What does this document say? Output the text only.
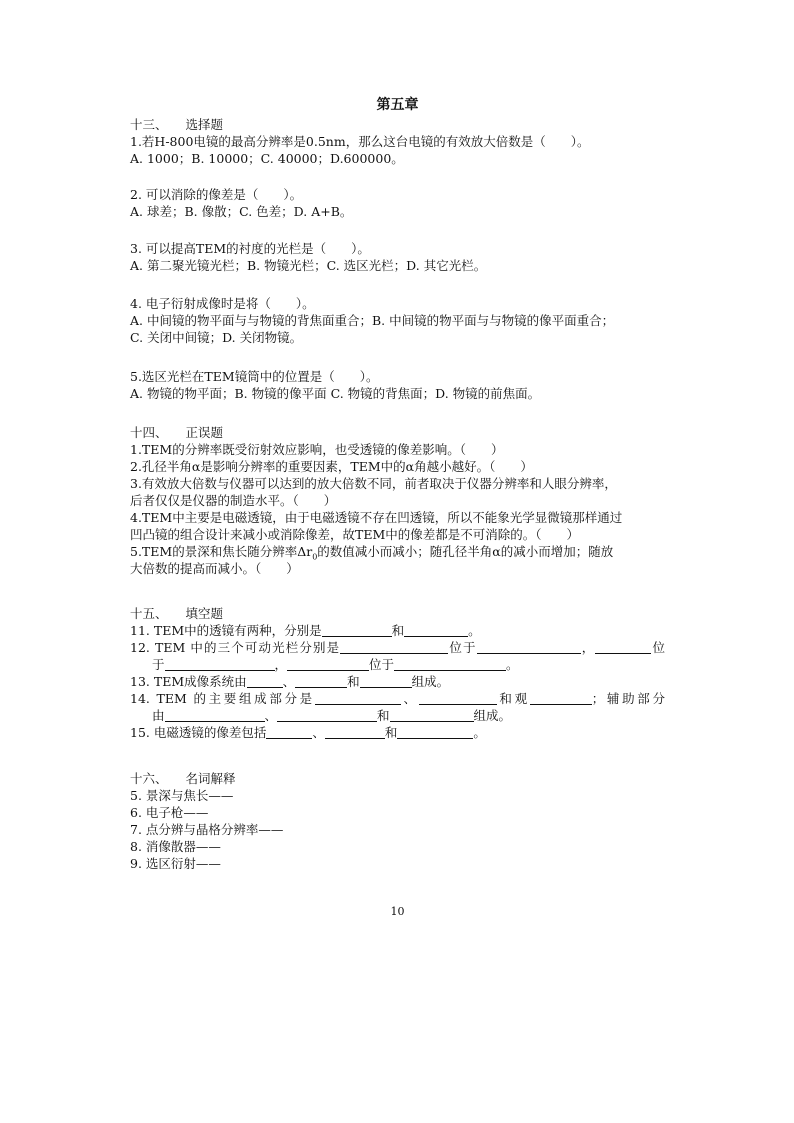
第五章
十三、 选择题
1.若H-800电镜的最高分辨率是0.5nm，那么这台电镜的有效放大倍数是（　　）。
A. 1000；B. 10000；C. 40000；D.600000。
2. 可以消除的像差是（　　）。
A. 球差；B. 像散；C. 色差；D. A+B。
3. 可以提高TEM的衬度的光栏是（　　）。
A. 第二聚光镜光栏；B. 物镜光栏；C. 选区光栏；D. 其它光栏。
4. 电子衍射成像时是将（　　）。
A. 中间镜的物平面与与物镜的背焦面重合；B. 中间镜的物平面与与物镜的像平面重合；
C. 关闭中间镜；D. 关闭物镜。
5.选区光栏在TEM镜筒中的位置是（　　）。
A. 物镜的物平面；B. 物镜的像平面 C. 物镜的背焦面；D. 物镜的前焦面。
十四、 正误题
1.TEM的分辨率既受衍射效应影响，也受透镜的像差影响。（　　）
2.孔径半角α是影响分辨率的重要因素，TEM中的α角越小越好。（　　）
3.有效放大倍数与仪器可以达到的放大倍数不同，前者取决于仪器分辨率和人眼分辨率，
后者仅仅是仪器的制造水平。（　　）
4.TEM中主要是电磁透镜，由于电磁透镜不存在凹透镜，所以不能象光学显微镜那样通过
凹凸镜的组合设计来减小或消除像差，故TEM中的像差都是不可消除的。（　　）
5.TEM的景深和焦长随分辨率$\Delta r_0$的数值减小而减小；随孔径半角α的减小而增加；随放
大倍数的提高而减小。（　　）
十五、 填空题
11. TEM中的透镜有两种，分别是	和	。
12. TEM 中的三个可动光栏分别是	位于	，	位
于	，	位于	。
13. TEM成像系统由	、	和	组成。
14. TEM 的主要组成部分是	、	和观	；辅助部分
由	、	和	组成。
15. 电磁透镜的像差包括	、	和	。
十六、 名词解释
5. 景深与焦长——
6. 电子枪——
7. 点分辨与晶格分辨率——
8. 消像散器——
9. 选区衍射——
10
